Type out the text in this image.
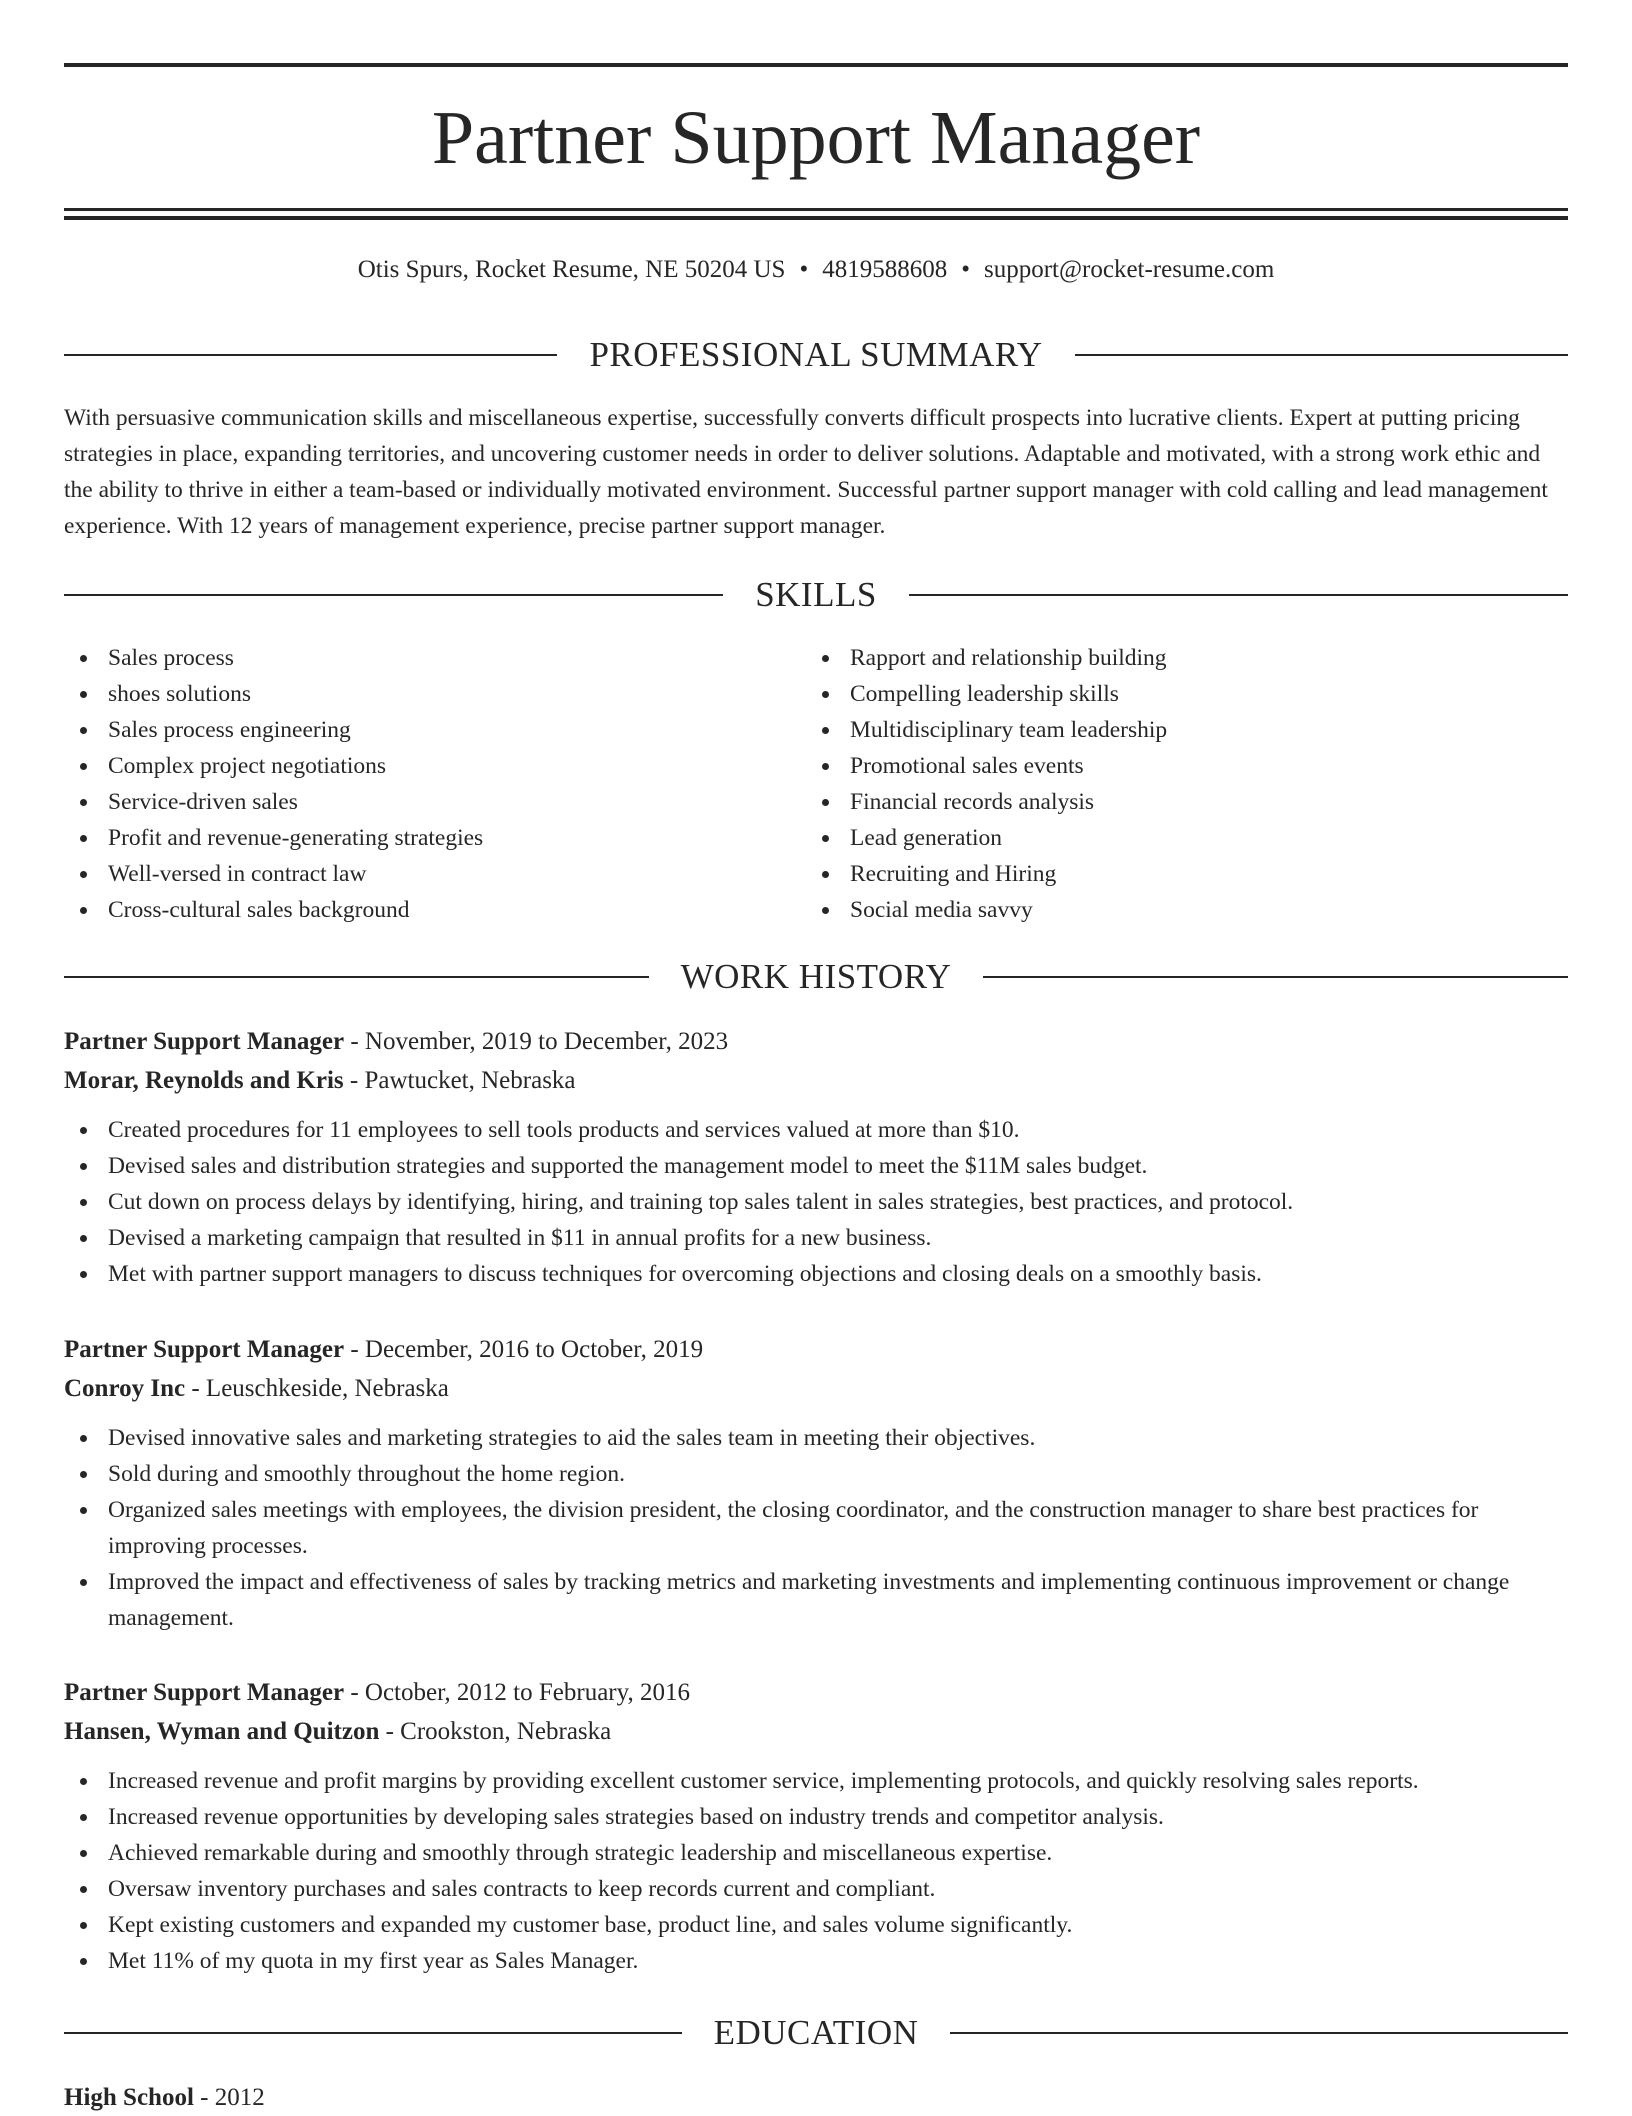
Partner Support Manager
Otis Spurs, Rocket Resume, NE 50204 US • 4819588608 • support@rocket-resume.com
PROFESSIONAL SUMMARY

With persuasive communication skills and miscellaneous expertise, successfully converts difficult prospects into lucrative clients. Expert at putting pricing strategies in place, expanding territories, and uncovering customer needs in order to deliver solutions. Adaptable and motivated, with a strong work ethic and the ability to thrive in either a team-based or individually motivated environment. Successful partner support manager with cold calling and lead management experience. With 12 years of management experience, precise partner support manager.

SKILLS
Sales process
shoes solutions
Sales process engineering
Complex project negotiations
Service-driven sales
Profit and revenue-generating strategies
Well-versed in contract law
Cross-cultural sales background
Rapport and relationship building
Compelling leadership skills
Multidisciplinary team leadership
Promotional sales events
Financial records analysis
Lead generation
Recruiting and Hiring
Social media savvy
WORK HISTORY
Partner Support Manager - November, 2019 to December, 2023
Morar, Reynolds and Kris - Pawtucket, Nebraska
Created procedures for 11 employees to sell tools products and services valued at more than $10.
Devised sales and distribution strategies and supported the management model to meet the $11M sales budget.
Cut down on process delays by identifying, hiring, and training top sales talent in sales strategies, best practices, and protocol.
Devised a marketing campaign that resulted in $11 in annual profits for a new business.
Met with partner support managers to discuss techniques for overcoming objections and closing deals on a smoothly basis.
Partner Support Manager - December, 2016 to October, 2019
Conroy Inc - Leuschkeside, Nebraska
Devised innovative sales and marketing strategies to aid the sales team in meeting their objectives.
Sold during and smoothly throughout the home region.
Organized sales meetings with employees, the division president, the closing coordinator, and the construction manager to share best practices for improving processes.
Improved the impact and effectiveness of sales by tracking metrics and marketing investments and implementing continuous improvement or change management.
Partner Support Manager - October, 2012 to February, 2016
Hansen, Wyman and Quitzon - Crookston, Nebraska
Increased revenue and profit margins by providing excellent customer service, implementing protocols, and quickly resolving sales reports.
Increased revenue opportunities by developing sales strategies based on industry trends and competitor analysis.
Achieved remarkable during and smoothly through strategic leadership and miscellaneous expertise.
Oversaw inventory purchases and sales contracts to keep records current and compliant.
Kept existing customers and expanded my customer base, product line, and sales volume significantly.
Met 11% of my quota in my first year as Sales Manager.
EDUCATION
High School - 2012
